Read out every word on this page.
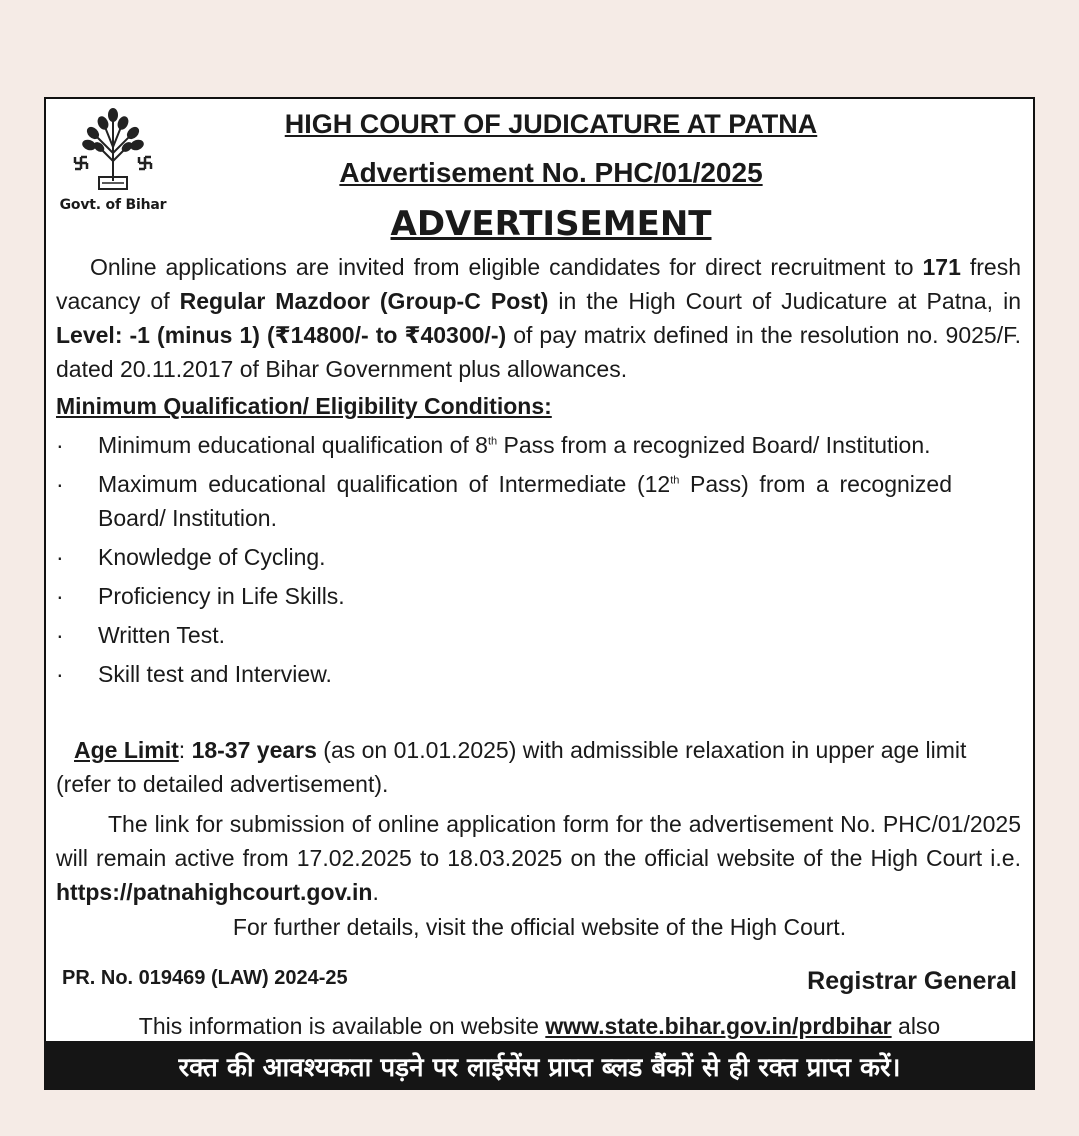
Govt. of Bihar
HIGH COURT OF JUDICATURE AT PATNA
Advertisement No. PHC/01/2025
ADVERTISEMENT

Online applications are invited from eligible candidates for direct recruitment to 171 fresh vacancy of Regular Mazdoor (Group-C Post) in the High Court of Judicature at Patna, in Level: -1 (minus 1) (₹14800/- to ₹40300/-) of pay matrix defined in the resolution no. 9025/F. dated 20.11.2017 of Bihar Government plus allowances.

Minimum Qualification/ Eligibility Conditions:
· Minimum educational qualification of 8th Pass from a recognized Board/ Institution.
· Maximum educational qualification of Intermediate (12th Pass) from a recognized Board/ Institution.
· Knowledge of Cycling.
· Proficiency in Life Skills.
· Written Test.
· Skill test and Interview.

Age Limit: 18-37 years (as on 01.01.2025) with admissible relaxation in upper age limit (refer to detailed advertisement).

The link for submission of online application form for the advertisement No. PHC/01/2025 will remain active from 17.02.2025 to 18.03.2025 on the official website of the High Court i.e. https://patnahighcourt.gov.in.

For further details, visit the official website of the High Court.
PR. No. 019469 (LAW) 2024-25	Registrar General
This information is available on website www.state.bihar.gov.in/prdbihar also
रक्त की आवश्यकता पड़ने पर लाईसेंस प्राप्त ब्लड बैंकों से ही रक्त प्राप्त करें।
